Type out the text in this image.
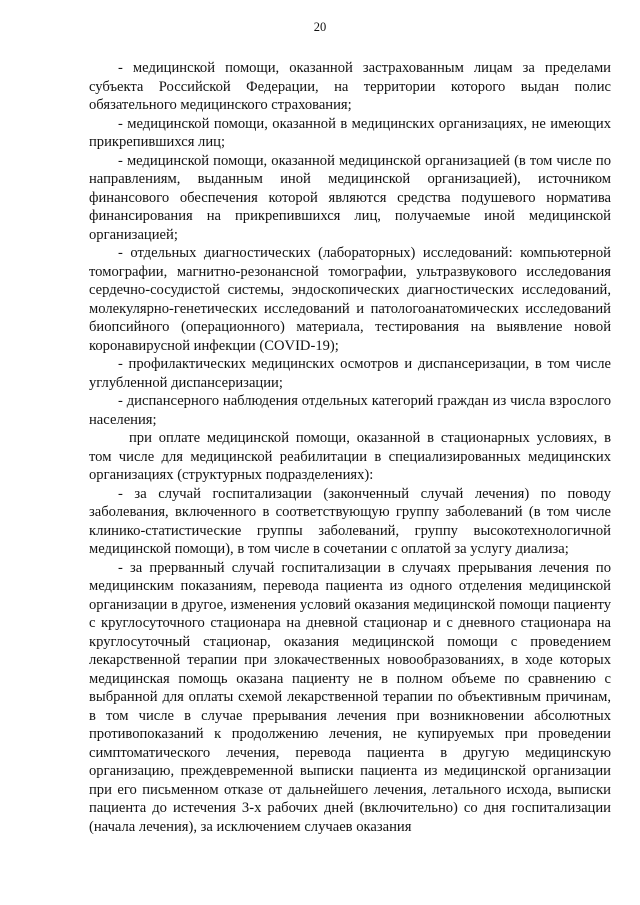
20

- медицинской помощи, оказанной застрахованным лицам за пределами субъекта Российской Федерации, на территории которого выдан полис обязательного медицинского страхования;

- медицинской помощи, оказанной в медицинских организациях, не имеющих прикрепившихся лиц;

- медицинской помощи, оказанной медицинской организацией (в том числе по направлениям, выданным иной медицинской организацией), источником финансового обеспечения которой являются средства подушевого норматива финансирования на прикрепившихся лиц, получаемые иной медицинской организацией;

- отдельных диагностических (лабораторных) исследований: компьютерной томографии, магнитно-резонансной томографии, ультразвукового исследования сердечно-сосудистой системы, эндоскопических диагностических исследований, молекулярно-генетических исследований и патологоанатомических исследований биопсийного (операционного) материала, тестирования на выявление новой коронавирусной инфекции (COVID-19);

- профилактических медицинских осмотров и диспансеризации, в том числе углубленной диспансеризации;

- диспансерного наблюдения отдельных категорий граждан из числа взрослого населения;

при оплате медицинской помощи, оказанной в стационарных условиях, в том числе для медицинской реабилитации в специализированных медицинских организациях (структурных подразделениях):

- за случай госпитализации (законченный случай лечения) по поводу заболевания, включенного в соответствующую группу заболеваний (в том числе клинико-статистические группы заболеваний, группу высокотехнологичной медицинской помощи), в том числе в сочетании с оплатой за услугу диализа;

- за прерванный случай госпитализации в случаях прерывания лечения по медицинским показаниям, перевода пациента из одного отделения медицинской организации в другое, изменения условий оказания медицинской помощи пациенту с круглосуточного стационара на дневной стационар и с дневного стационара на круглосуточный стационар, оказания медицинской помощи с проведением лекарственной терапии при злокачественных новообразованиях, в ходе которых медицинская помощь оказана пациенту не в полном объеме по сравнению с выбранной для оплаты схемой лекарственной терапии по объективным причинам, в том числе в случае прерывания лечения при возникновении абсолютных противопоказаний к продолжению лечения, не купируемых при проведении симптоматического лечения, перевода пациента в другую медицинскую организацию, преждевременной выписки пациента из медицинской организации при его письменном отказе от дальнейшего лечения, летального исхода, выписки пациента до истечения 3-х рабочих дней (включительно) со дня госпитализации (начала лечения), за исключением случаев оказания
